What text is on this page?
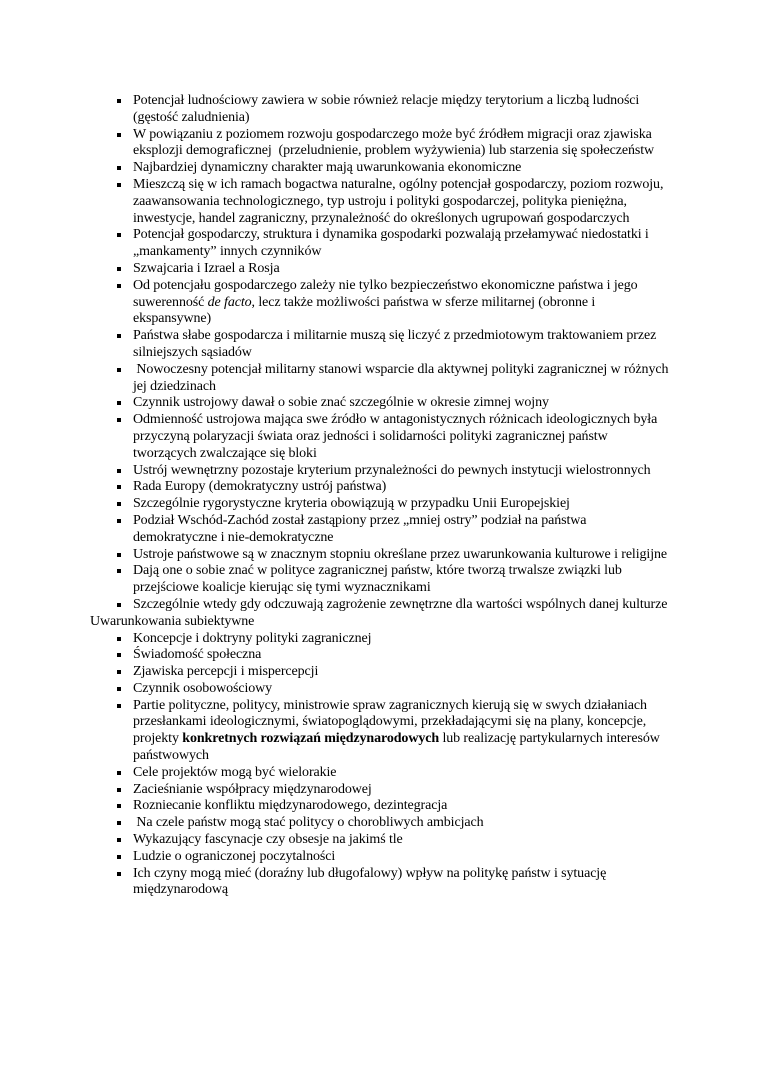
Potencjał ludnościowy zawiera w sobie również relacje między terytorium a liczbą ludności (gęstość zaludnienia)
W powiązaniu z poziomem rozwoju gospodarczego może być źródłem migracji oraz zjawiska eksplozji demograficznej  (przeludnienie, problem wyżywienia) lub starzenia się społeczeństw
Najbardziej dynamiczny charakter mają uwarunkowania ekonomiczne
Mieszczą się w ich ramach bogactwa naturalne, ogólny potencjał gospodarczy, poziom rozwoju, zaawansowania technologicznego, typ ustroju i polityki gospodarczej, polityka pieniężna, inwestycje, handel zagraniczny, przynależność do określonych ugrupowań gospodarczych
Potencjał gospodarczy, struktura i dynamika gospodarki pozwalają przełamywać niedostatki i „mankamenty” innych czynników
Szwajcaria i Izrael a Rosja
Od potencjału gospodarczego zależy nie tylko bezpieczeństwo ekonomiczne państwa i jego suwerenność de facto, lecz także możliwości państwa w sferze militarnej (obronne i ekspansywne)
Państwa słabe gospodarcza i militarnie muszą się liczyć z przedmiotowym traktowaniem przez silniejszych sąsiadów
Nowoczesny potencjał militarny stanowi wsparcie dla aktywnej polityki zagranicznej w różnych jej dziedzinach
Czynnik ustrojowy dawał o sobie znać szczególnie w okresie zimnej wojny
Odmienność ustrojowa mająca swe źródło w antagonistycznych różnicach ideologicznych była przyczyną polaryzacji świata oraz jedności i solidarności polityki zagranicznej państw tworzących zwalczające się bloki
Ustrój wewnętrzny pozostaje kryterium przynależności do pewnych instytucji wielostronnych
Rada Europy (demokratyczny ustrój państwa)
Szczególnie rygorystyczne kryteria obowiązują w przypadku Unii Europejskiej
Podział Wschód-Zachód został zastąpiony przez „mniej ostry” podział na państwa demokratyczne i nie-demokratyczne
Ustroje państwowe są w znacznym stopniu określane przez uwarunkowania kulturowe i religijne
Dają one o sobie znać w polityce zagranicznej państw, które tworzą trwalsze związki lub przejściowe koalicje kierując się tymi wyznacznikami
Szczególnie wtedy gdy odczuwają zagrożenie zewnętrzne dla wartości wspólnych danej kulturze
Uwarunkowania subiektywne
Koncepcje i doktryny polityki zagranicznej
Świadomość społeczna
Zjawiska percepcji i mispercepcji
Czynnik osobowościowy
Partie polityczne, politycy, ministrowie spraw zagranicznych kierują się w swych działaniach przesłankami ideologicznymi, światopoglądowymi, przekładającymi się na plany, koncepcje, projekty konkretnych rozwiązań międzynarodowych lub realizację partykularnych interesów państwowych
Cele projektów mogą być wielorakie
Zacieśnianie współpracy międzynarodowej
Rozniecanie konfliktu międzynarodowego, dezintegracja
Na czele państw mogą stać politycy o chorobliwych ambicjach
Wykazujący fascynacje czy obsesje na jakimś tle
Ludzie o ograniczonej poczytalności
Ich czyny mogą mieć (doraźny lub długofalowy) wpływ na politykę państw i sytuację międzynarodową
